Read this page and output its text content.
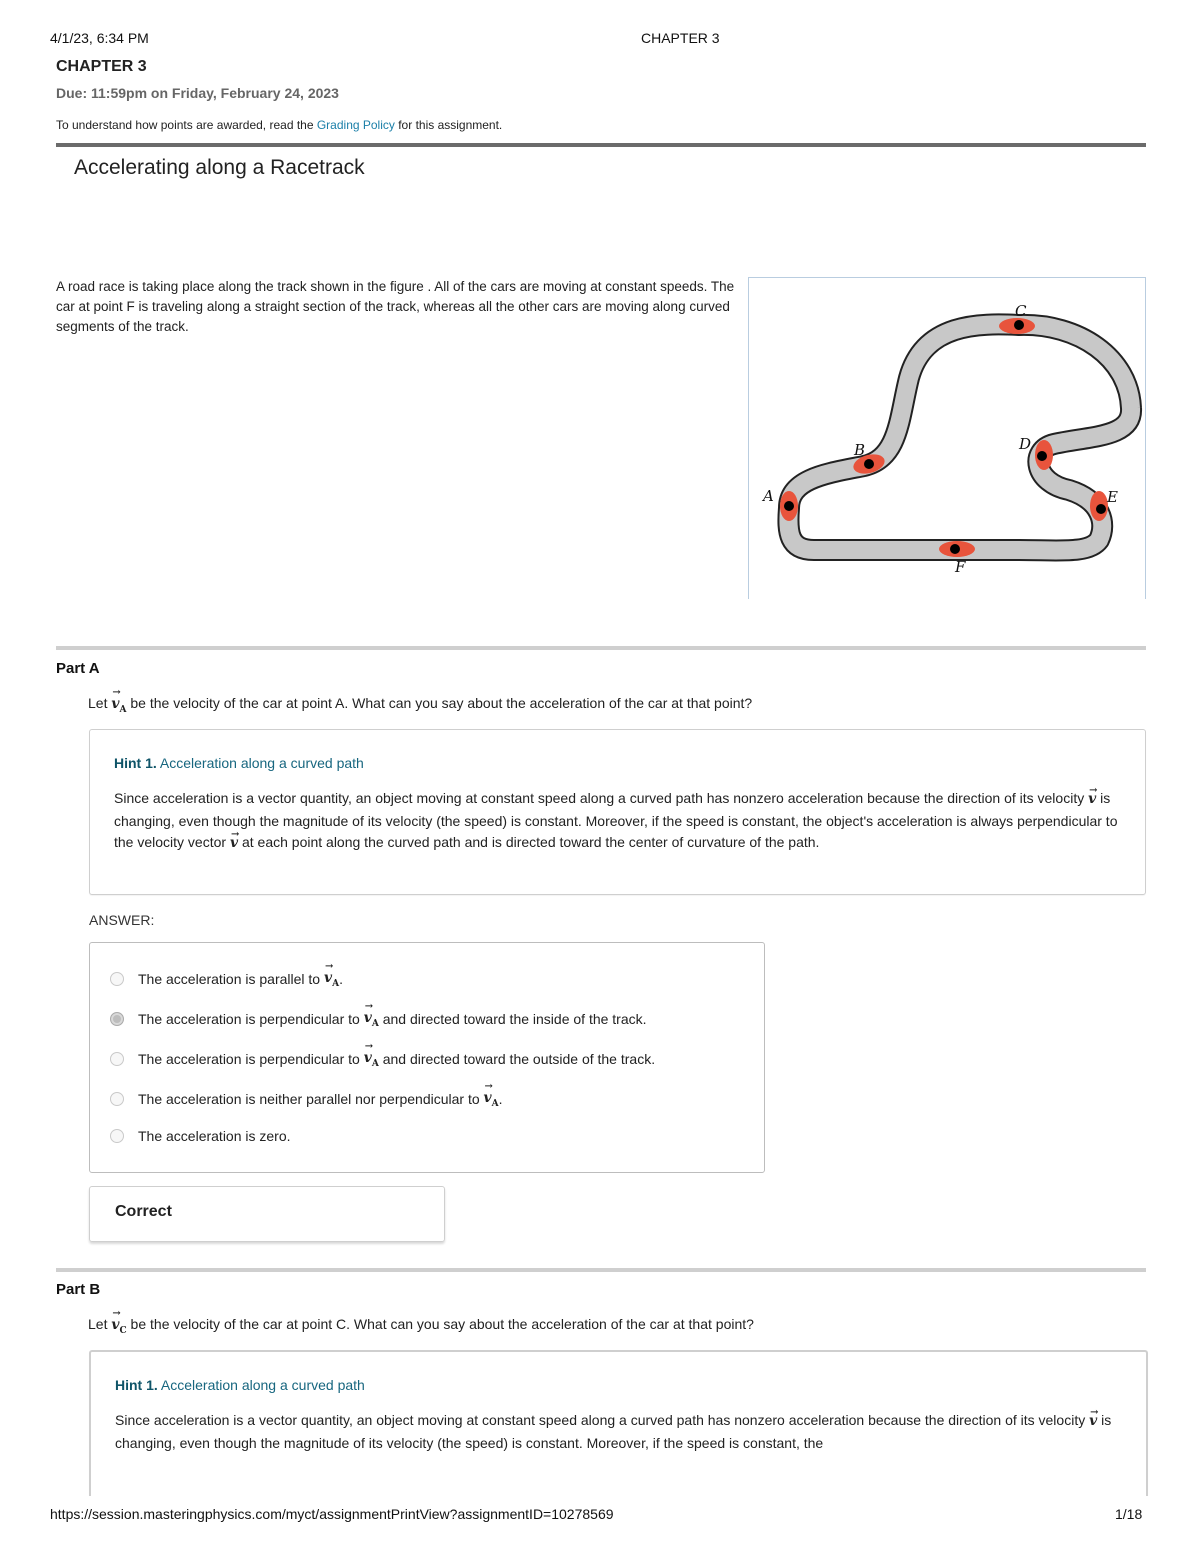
4/1/23, 6:34 PM	CHAPTER 3
CHAPTER 3
Due: 11:59pm on Friday, February 24, 2023
To understand how points are awarded, read the Grading Policy for this assignment.
Accelerating along a Racetrack
A road race is taking place along the track shown in the figure . All of the cars are moving at constant speeds. The car at point F is traveling along a straight section of the track, whereas all the other cars are moving along curved segments of the track.
A
B
C
D
E
F
Part A
Let → $v_A$ be the velocity of the car at point A. What can you say about the acceleration of the car at that point?
Hint 1. Acceleration along a curved path
Since acceleration is a vector quantity, an object moving at constant speed along a curved path has nonzero acceleration because the direction of its velocity → v is changing, even though the magnitude of its velocity (the speed) is constant. Moreover, if the speed is constant, the object's acceleration is always perpendicular to the velocity vector → v at each point along the curved path and is directed toward the center of curvature of the path.
ANSWER:
The acceleration is parallel to
→ $v_A$ .
The acceleration is perpendicular to
→ $v_A$
and directed toward the inside of the track.
The acceleration is perpendicular to
→ $v_A$
and directed toward the outside of the track.
The acceleration is neither parallel nor perpendicular to
→ $v_A$ .
The acceleration is zero.
Correct
Part B
Let → $v_C$ be the velocity of the car at point C. What can you say about the acceleration of the car at that point?
Hint 1. Acceleration along a curved path
Since acceleration is a vector quantity, an object moving at constant speed along a curved path has nonzero acceleration because the direction of its velocity → v is changing, even though the magnitude of its velocity (the speed) is constant. Moreover, if the speed is constant, the
https://session.masteringphysics.com/myct/assignmentPrintView?assignmentID=10278569	1/18
